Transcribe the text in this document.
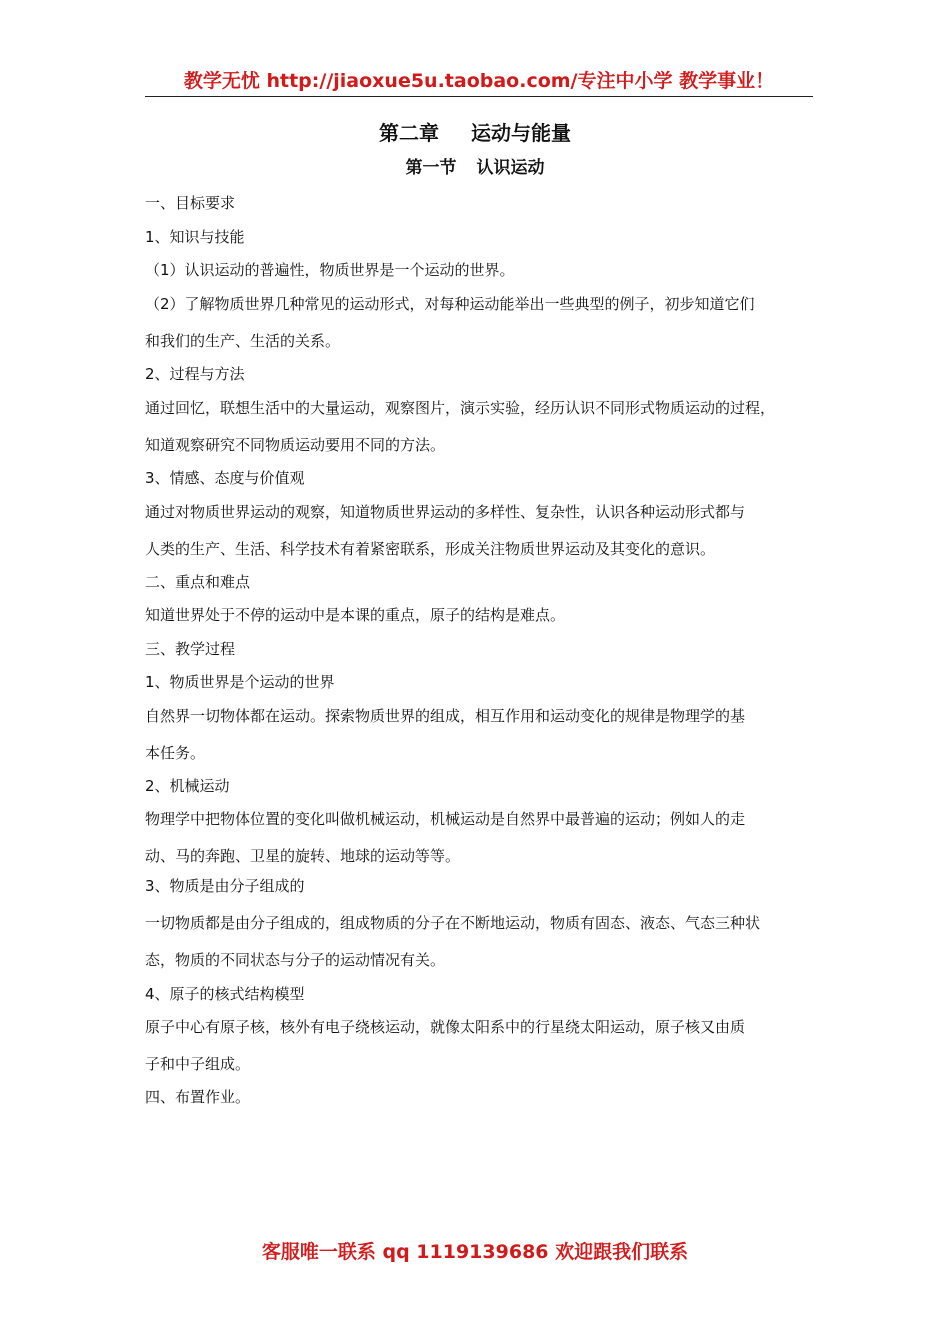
教学无忧 http://jiaoxue5u.taobao.com/专注中小学 教学事业！
第二章 运动与能量
第一节 认识运动
一、目标要求
1、知识与技能
（1）认识运动的普遍性，物质世界是一个运动的世界。
（2）了解物质世界几种常见的运动形式，对每种运动能举出一些典型的例子，初步知道它们
和我们的生产、生活的关系。
2、过程与方法
通过回忆，联想生活中的大量运动，观察图片，演示实验，经历认识不同形式物质运动的过程，
知道观察研究不同物质运动要用不同的方法。
3、情感、态度与价值观
通过对物质世界运动的观察，知道物质世界运动的多样性、复杂性，认识各种运动形式都与
人类的生产、生活、科学技术有着紧密联系，形成关注物质世界运动及其变化的意识。
二、重点和难点
知道世界处于不停的运动中是本课的重点，原子的结构是难点。
三、教学过程
1、物质世界是个运动的世界
自然界一切物体都在运动。探索物质世界的组成，相互作用和运动变化的规律是物理学的基
本任务。
2、机械运动
物理学中把物体位置的变化叫做机械运动，机械运动是自然界中最普遍的运动；例如人的走
动、马的奔跑、卫星的旋转、地球的运动等等。
3、物质是由分子组成的
一切物质都是由分子组成的，组成物质的分子在不断地运动，物质有固态、液态、气态三种状
态，物质的不同状态与分子的运动情况有关。
4、原子的核式结构模型
原子中心有原子核，核外有电子绕核运动，就像太阳系中的行星绕太阳运动，原子核又由质
子和中子组成。
四、布置作业。
客服唯一联系 qq 1119139686 欢迎跟我们联系
